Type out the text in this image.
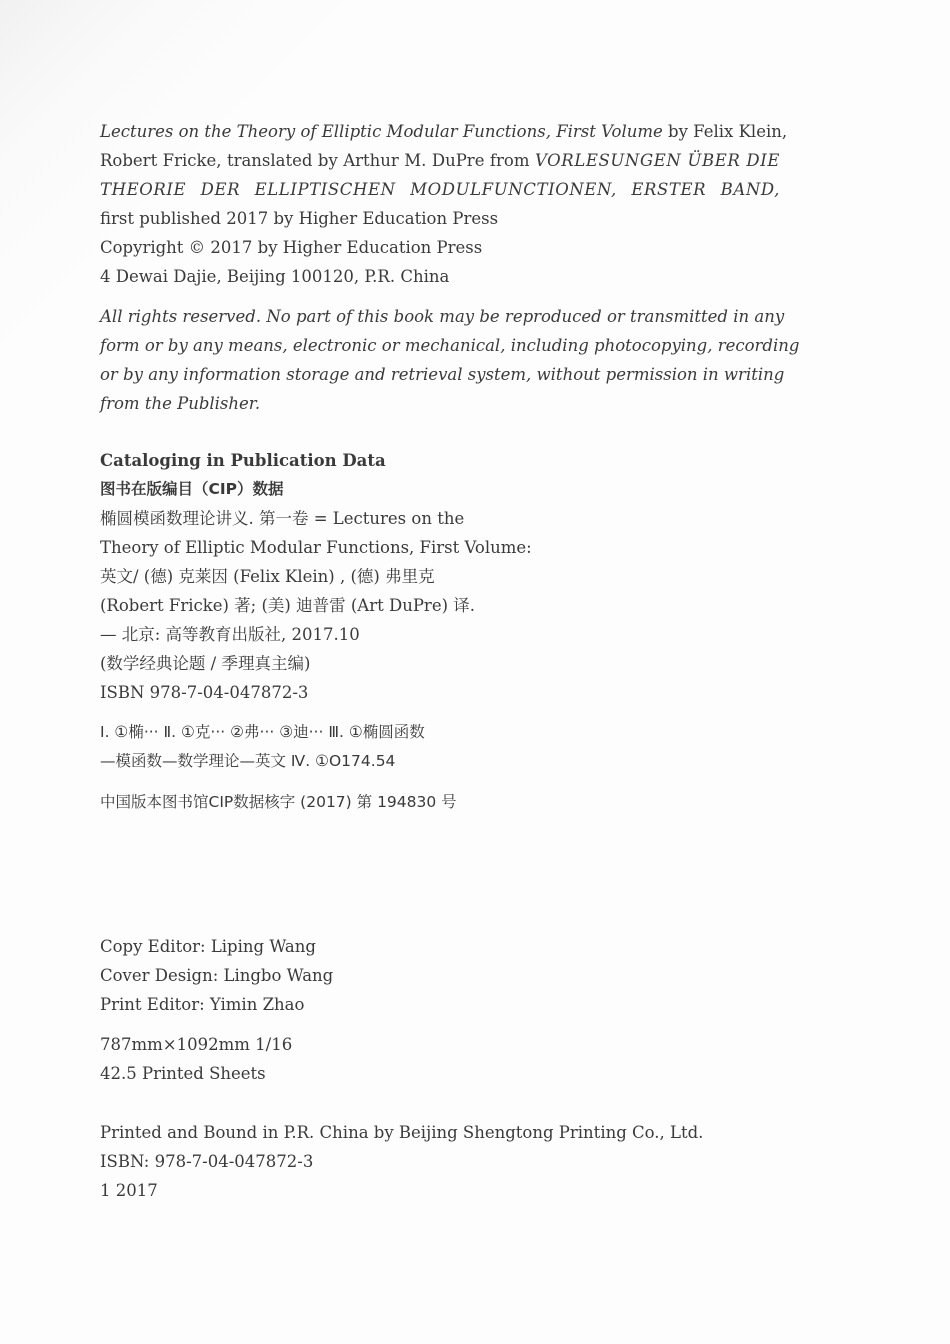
Lectures on the Theory of Elliptic Modular Functions, First Volume by Felix Klein,
Robert Fricke, translated by Arthur M. DuPre from VORLESUNGEN ÜBER DIE
THEORIE DER ELLIPTISCHEN MODULFUNCTIONEN, ERSTER BAND,
first published 2017 by Higher Education Press
Copyright © 2017 by Higher Education Press
4 Dewai Dajie, Beijing 100120, P.R. China
All rights reserved. No part of this book may be reproduced or transmitted in any
form or by any means, electronic or mechanical, including photocopying, recording
or by any information storage and retrieval system, without permission in writing
from the Publisher.
Cataloging in Publication Data
图书在版编目（CIP）数据
椭圆模函数理论讲义. 第一卷 = Lectures on the
Theory of Elliptic Modular Functions, First Volume:
英文/ (德) 克莱因 (Felix Klein) , (德) 弗里克
(Robert Fricke) 著; (美) 迪普雷 (Art DuPre) 译.
— 北京: 高等教育出版社, 2017.10
(数学经典论题 / 季理真主编)
ISBN 978-7-04-047872-3
Ⅰ. ①椭··· Ⅱ. ①克··· ②弗··· ③迪··· Ⅲ. ①椭圆函数
—模函数—数学理论—英文 Ⅳ. ①O174.54
中国版本图书馆CIP数据核字 (2017) 第 194830 号
Copy Editor: Liping Wang
Cover Design: Lingbo Wang
Print Editor: Yimin Zhao
787mm×1092mm 1/16
42.5 Printed Sheets
Printed and Bound in P.R. China by Beijing Shengtong Printing Co., Ltd.
ISBN: 978-7-04-047872-3
1 2017
